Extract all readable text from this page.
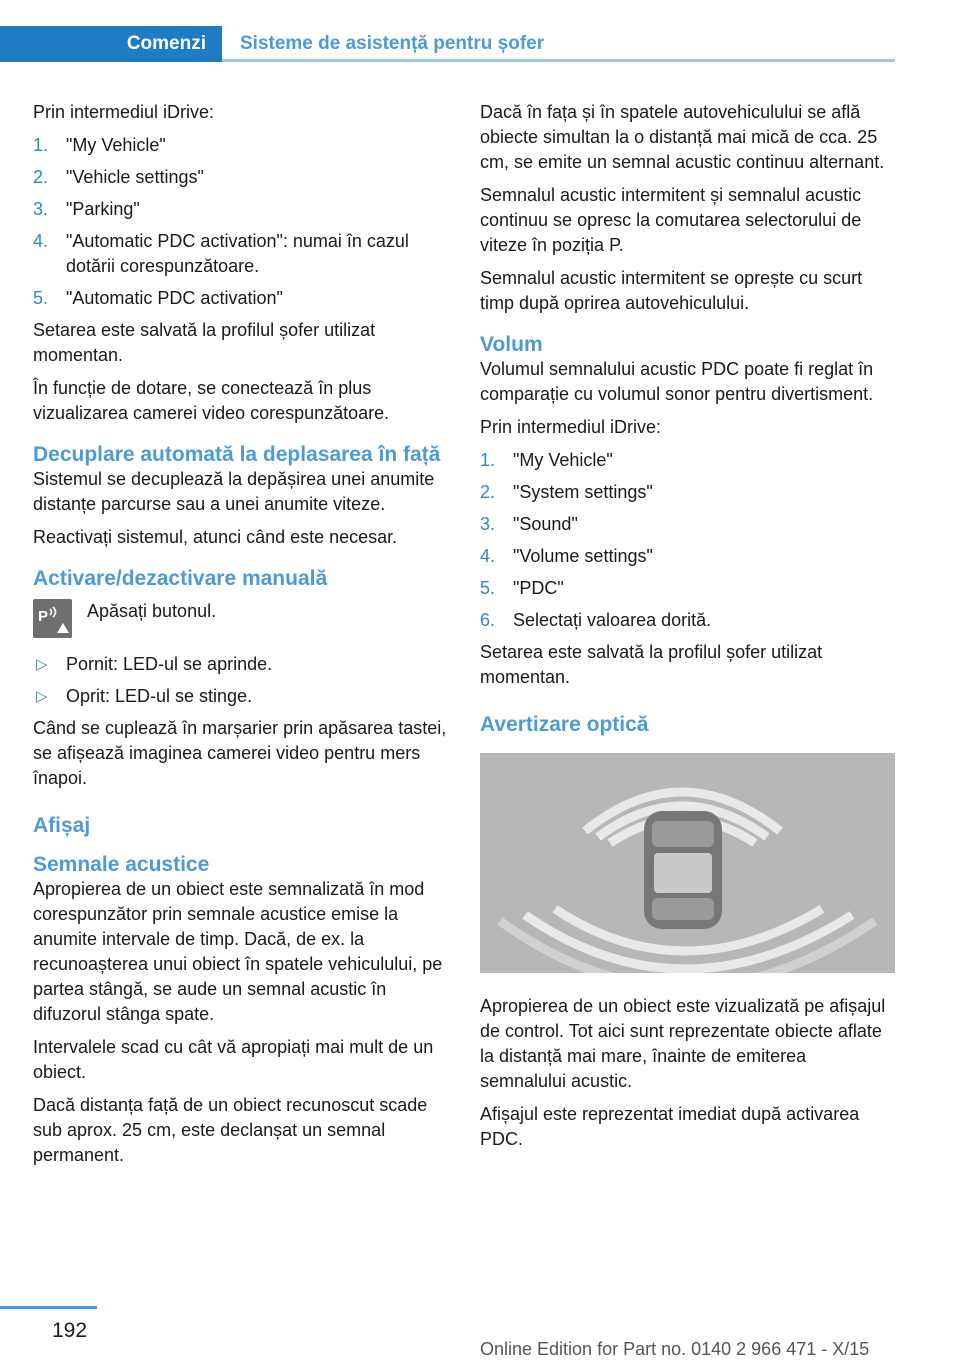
Comenzi	Sisteme de asistență pentru șofer

Prin intermediul iDrive:

1. "My Vehicle"
2. "Vehicle settings"
3. "Parking"
4. "Automatic PDC activation": numai în cazul dotării corespunzătoare.
5. "Automatic PDC activation"

Setarea este salvată la profilul șofer utilizat momentan.

În funcție de dotare, se conectează în plus vizualizarea camerei video corespunzătoare.

Decuplare automată la deplasarea în față

Sistemul se decuplează la depășirea unei anumite distanțe parcurse sau a unei anumite viteze.

Reactivați sistemul, atunci când este necesar.

Activare/dezactivare manuală
P Apăsați butonul.
▷ Pornit: LED-ul se aprinde.
▷ Oprit: LED-ul se stinge.

Când se cuplează în marșarier prin apăsarea tastei, se afișează imaginea camerei video pentru mers înapoi.

Afișaj
Semnale acustice

Apropierea de un obiect este semnalizată în mod corespunzător prin semnale acustice emise la anumite intervale de timp. Dacă, de ex. la recunoașterea unui obiect în spatele vehiculului, pe partea stângă, se aude un semnal acustic în difuzorul stânga spate.

Intervalele scad cu cât vă apropiați mai mult de un obiect.

Dacă distanța față de un obiect recunoscut scade sub aprox. 25 cm, este declanșat un semnal permanent.

Dacă în fața și în spatele autovehiculului se află obiecte simultan la o distanță mai mică de cca. 25 cm, se emite un semnal acustic continuu alternant.

Semnalul acustic intermitent și semnalul acustic continuu se opresc la comutarea selectorului de viteze în poziția P.

Semnalul acustic intermitent se oprește cu scurt timp după oprirea autovehiculului.

Volum

Volumul semnalului acustic PDC poate fi reglat în comparație cu volumul sonor pentru divertisment.

Prin intermediul iDrive:

1. "My Vehicle"
2. "System settings"
3. "Sound"
4. "Volume settings"
5. "PDC"
6. Selectați valoarea dorită.

Setarea este salvată la profilul șofer utilizat momentan.

Avertizare optică

Apropierea de un obiect este vizualizată pe afișajul de control. Tot aici sunt reprezentate obiecte aflate la distanță mai mare, înainte de emiterea semnalului acustic.

Afișajul este reprezentat imediat după activarea PDC.

192
Online Edition for Part no. 0140 2 966 471 - X/15
